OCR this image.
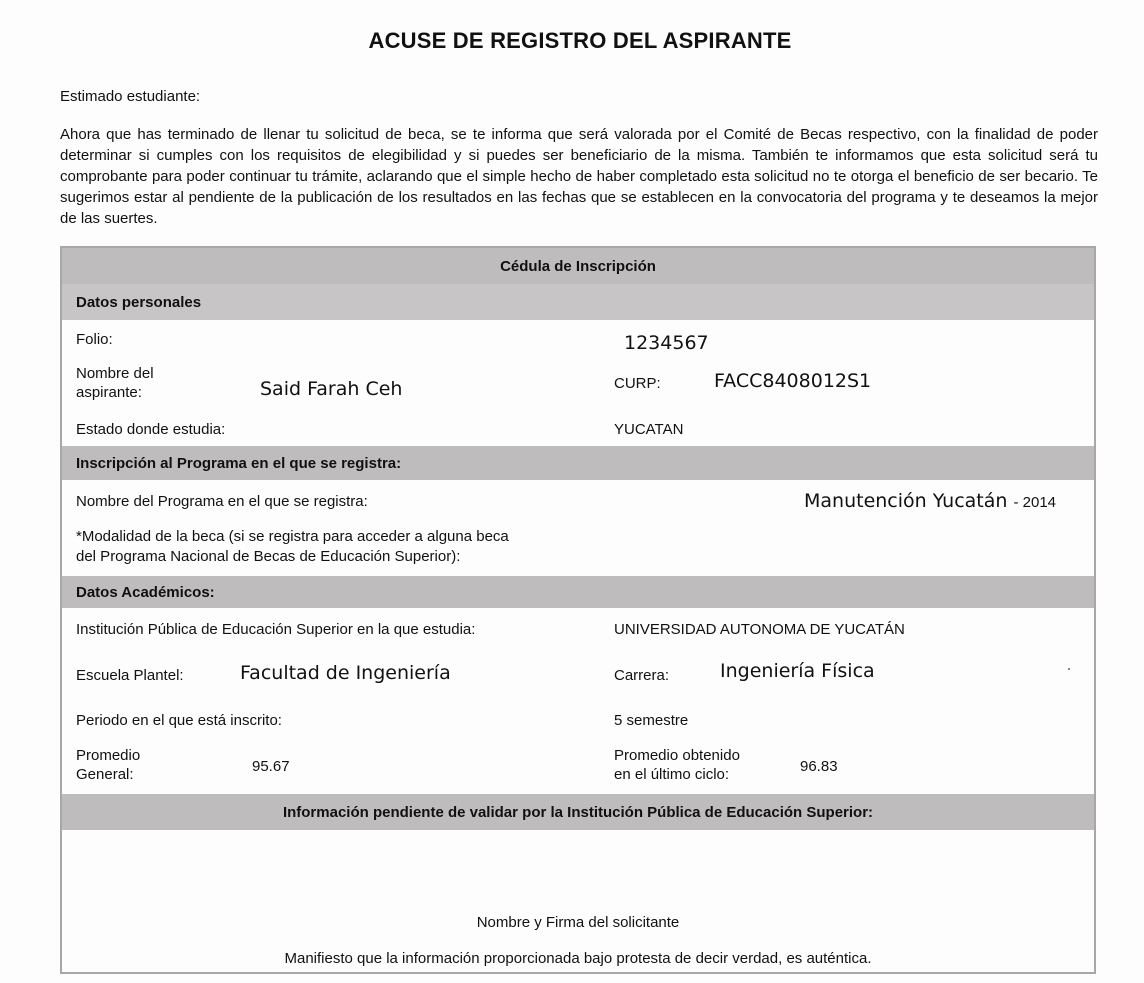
ACUSE DE REGISTRO DEL ASPIRANTE
Estimado estudiante:
Ahora que has terminado de llenar tu solicitud de beca, se te informa que será valorada por el Comité de Becas respectivo, con la finalidad de poder determinar si cumples con los requisitos de elegibilidad y si puedes ser beneficiario de la misma. También te informamos que esta solicitud será tu comprobante para poder continuar tu trámite, aclarando que el simple hecho de haber completado esta solicitud no te otorga el beneficio de ser becario. Te sugerimos estar al pendiente de la publicación de los resultados en las fechas que se establecen en la convocatoria del programa y te deseamos la mejor de las suertes.
Cédula de Inscripción
Datos personales
Folio:	1234567
Nombre del
aspirante:	Said Farah Ceh	CURP:	FACC8408012S1
Estado donde estudia:	YUCATAN
Inscripción al Programa en el que se registra:
Nombre del Programa en el que se registra:	Manutención Yucatán - 2014
*Modalidad de la beca (si se registra para acceder a alguna beca
del Programa Nacional de Becas de Educación Superior):
Datos Académicos:
Institución Pública de Educación Superior en la que estudia:	UNIVERSIDAD AUTONOMA DE YUCATÁN
Escuela Plantel:	Facultad de Ingeniería	Carrera:	Ingeniería Física
Periodo en el que está inscrito:	5 semestre
Promedio
General:	95.67
Promedio obtenido
en el último ciclo:	96.83
Información pendiente de validar por la Institución Pública de Educación Superior:
Nombre y Firma del solicitante
Manifiesto que la información proporcionada bajo protesta de decir verdad, es auténtica.
